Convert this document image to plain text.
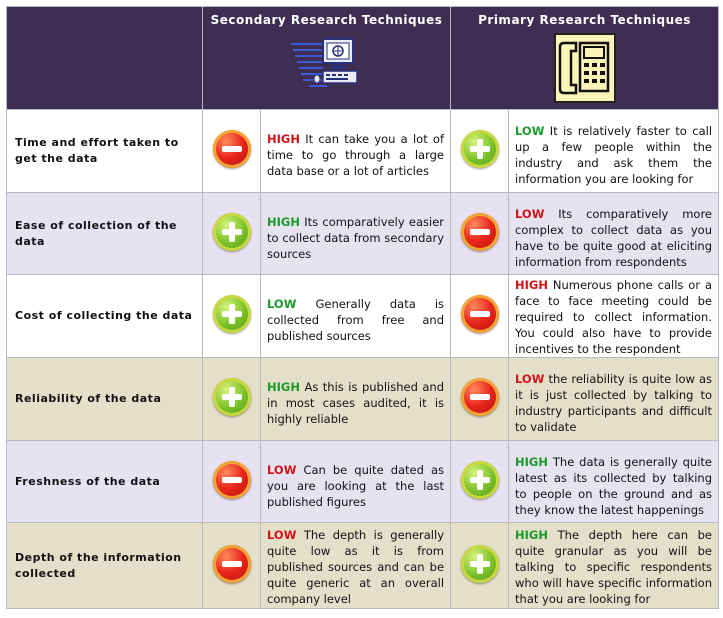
	Secondary Research Techniques		Primary Research Techniques	

Time and effort taken to get the data		HIGH It can take you a lot of time to go through a large data base or a lot of articles		LOW It is relatively faster to call up a few people within the industry and ask them the information you are looking for

Ease of collection of the data		HIGH Its comparatively easier to collect data from secondary sources		LOW Its comparatively more complex to collect data as you have to be quite good at eliciting information from respondents

Cost of collecting the data		LOW Generally data is collected from free and published sources		HIGH Numerous phone calls or a face to face meeting could be required to collect information. You could also have to provide incentives to the respondent

Reliability of the data		HIGH As this is published and in most cases audited, it is highly reliable		LOW the reliability is quite low as it is just collected by talking to industry participants and difficult to validate

Freshness of the data		LOW Can be quite dated as you are looking at the last published figures		HIGH The data is generally quite latest as its collected by talking to people on the ground and as they know the latest happenings

Depth of the information collected		LOW The depth is generally quite low as it is from published sources and can be quite generic at an overall company level		HIGH The depth here can be quite granular as you will be talking to specific respondents who will have specific information that you are looking for
